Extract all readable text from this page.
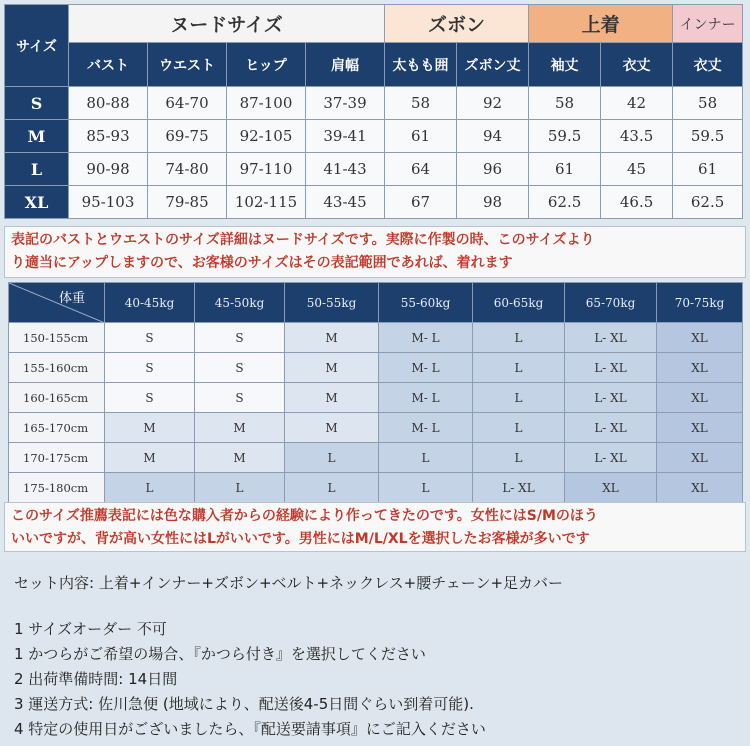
サイズ	ヌードサイズ				ズボン		上着		インナー
	バスト	ウエスト	ヒップ	肩幅	太もも囲	ズボン丈	袖丈	衣丈	衣丈
S	80-88	64-70	87-100	37-39	58	92	58	42	58
M	85-93	69-75	92-105	39-41	61	94	59.5	43.5	59.5
L	90-98	74-80	97-110	41-43	64	96	61	45	61
XL	95-103	79-85	102-115	43-45	67	98	62.5	46.5	62.5
表記のバストとウエストのサイズ詳細はヌードサイズです。実際に作製の時、このサイズより
り適当にアップしますので、お客様のサイズはその表記範囲であれば、着れます
体重	40-45kg	45-50kg	50-55kg	55-60kg	60-65kg	65-70kg	70-75kg
150-155cm	S	S	M	M- L	L	L- XL	XL
155-160cm	S	S	M	M- L	L	L- XL	XL
160-165cm	S	S	M	M- L	L	L- XL	XL
165-170cm	M	M	M	M- L	L	L- XL	XL
170-175cm	M	M	L	L	L	L- XL	XL
175-180cm	L	L	L	L	L- XL	XL	XL
このサイズ推薦表記には色な購入者からの経験により作ってきたのです。女性にはS/Mのほう
いいですが、背が高い女性にはLがいいです。男性にはM/L/XLを選択したお客様が多いです
セット内容: 上着+インナー+ズボン+ベルト+ネックレス+腰チェーン+足カバー
1 サイズオーダー 不可
1 かつらがご希望の場合、『かつら付き』を選択してください
2 出荷準備時間: 14日間
3 運送方式: 佐川急便 (地域により、配送後4-5日間ぐらい到着可能).
4 特定の使用日がございましたら、『配送要請事項』にご記入ください
